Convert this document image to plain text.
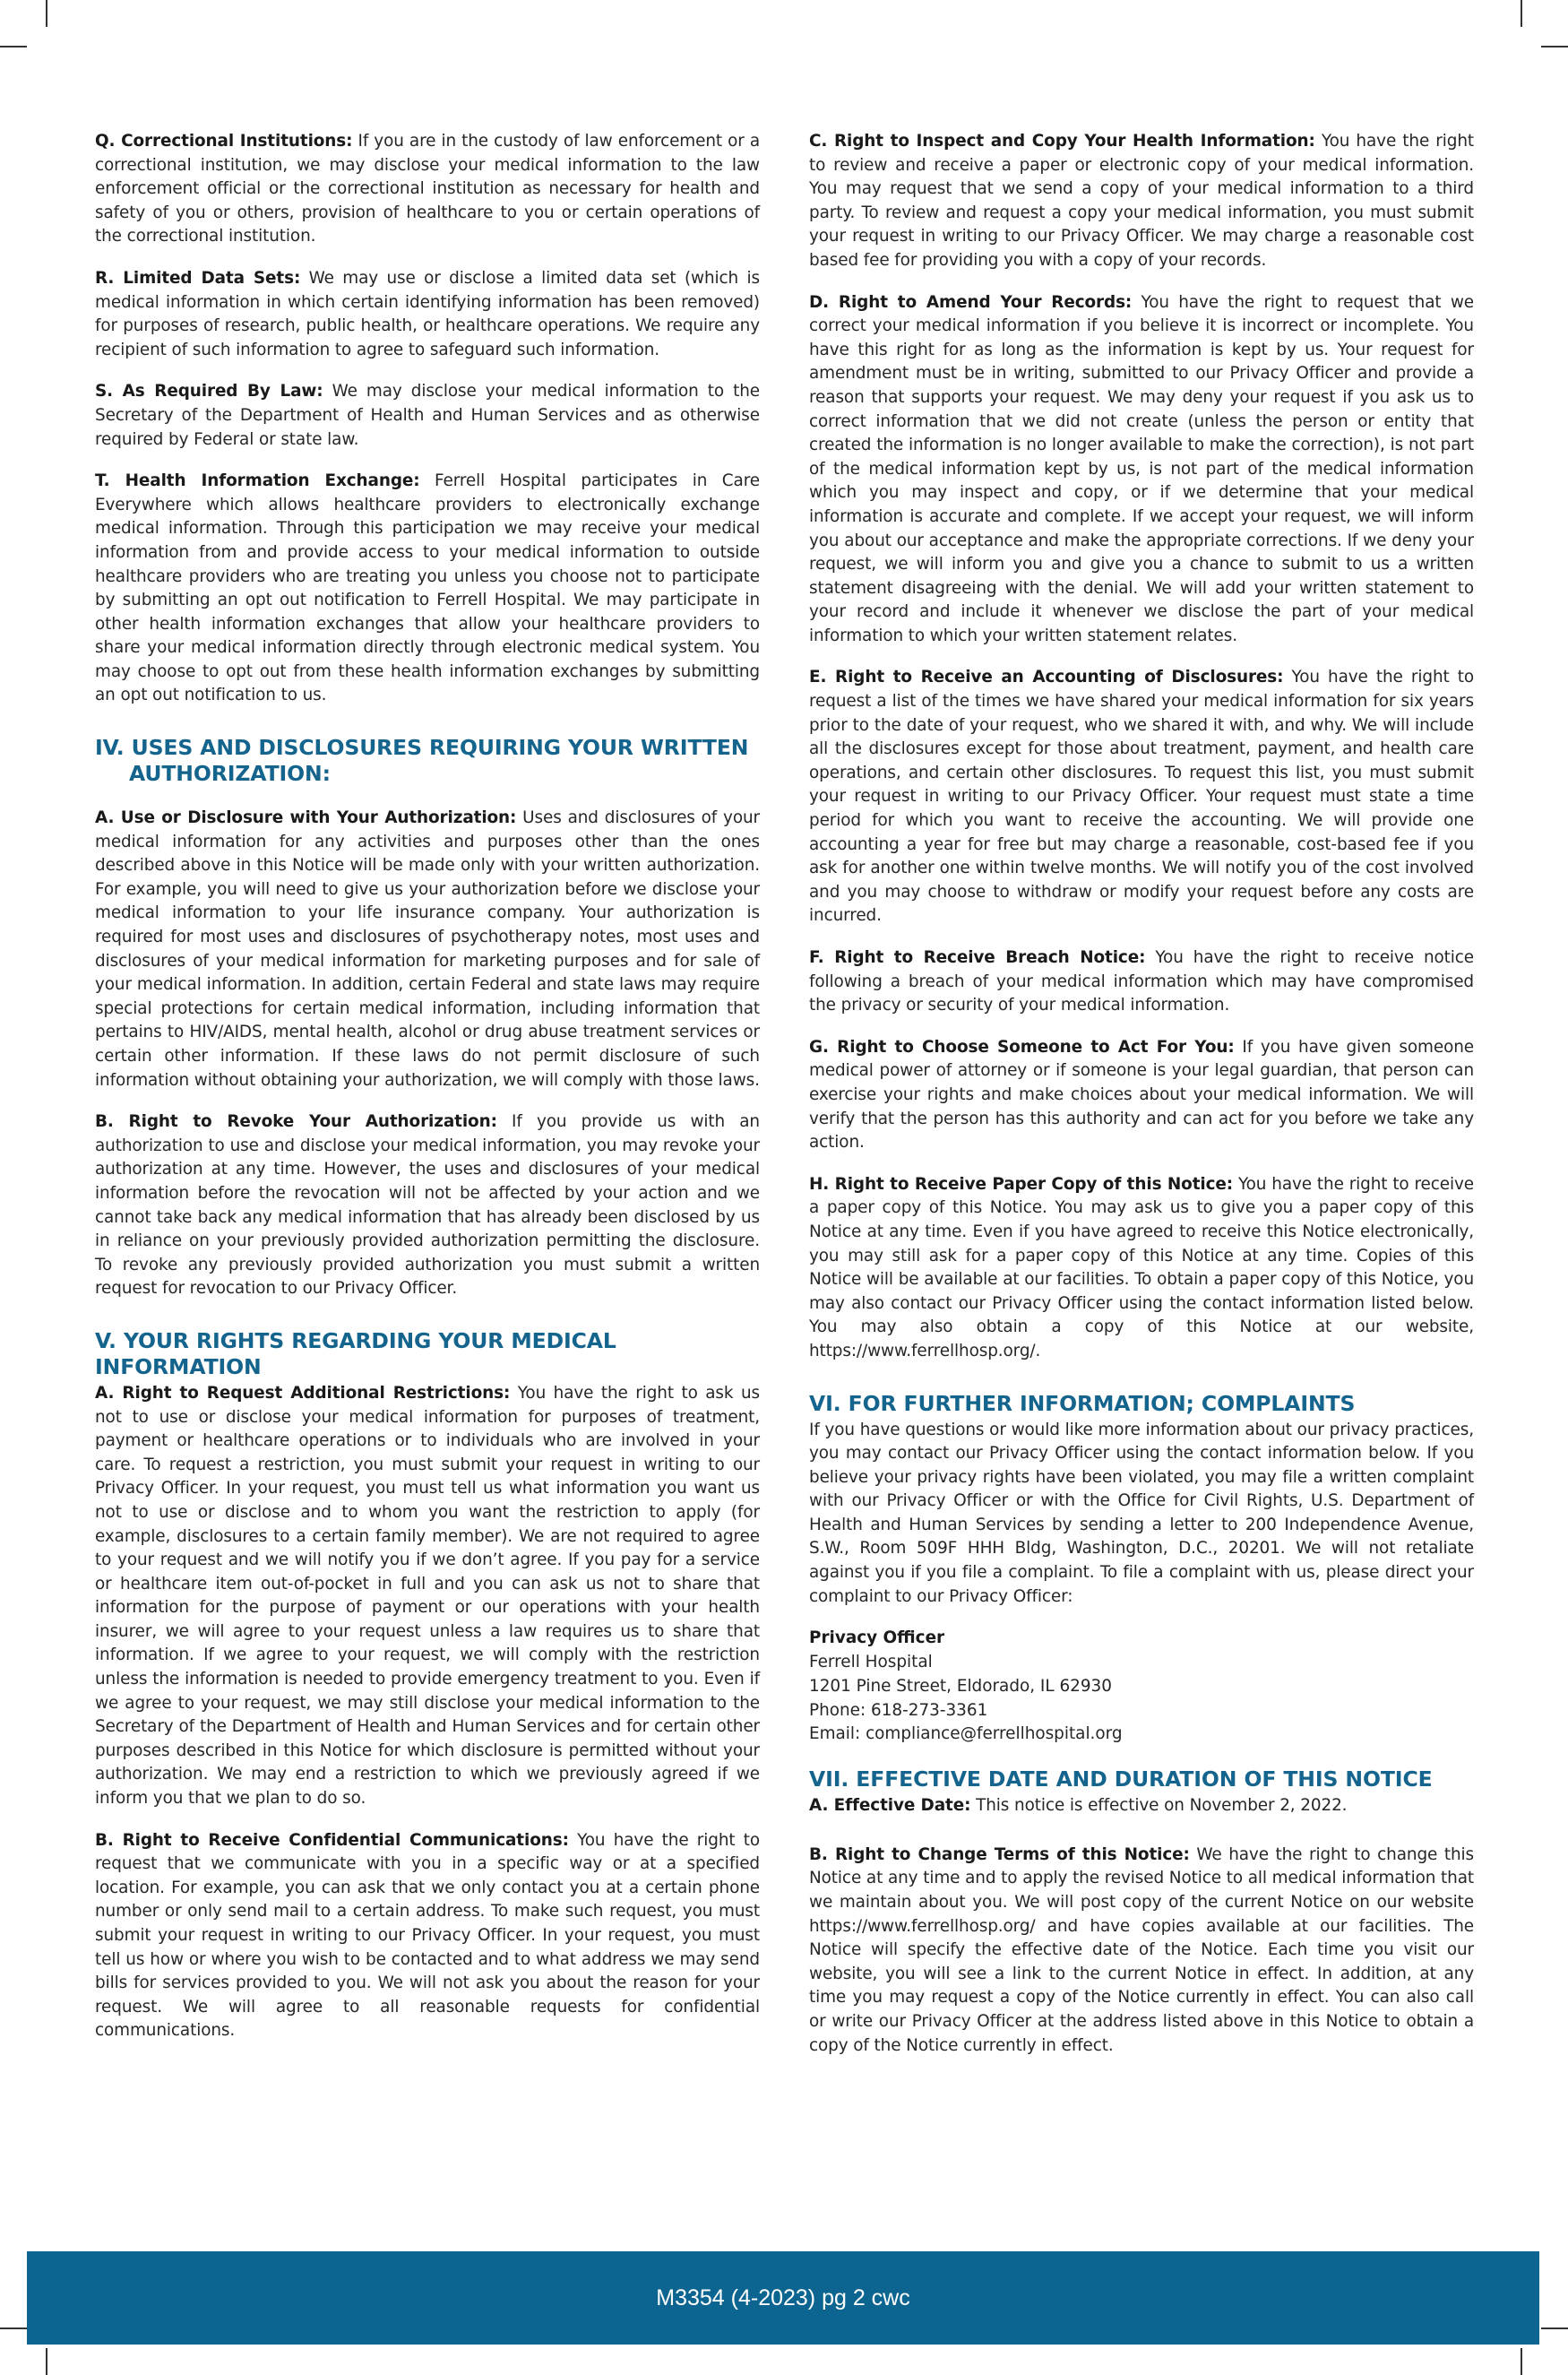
Q. Correctional Institutions: If you are in the custody of law enforcement or a correctional institution, we may disclose your medical information to the law enforcement official or the correctional institution as necessary for health and safety of you or others, provision of healthcare to you or certain operations of the correctional institution.

R. Limited Data Sets: We may use or disclose a limited data set (which is medical information in which certain identifying information has been removed) for purposes of research, public health, or healthcare operations. We require any recipient of such information to agree to safeguard such information.

S. As Required By Law: We may disclose your medical information to the Secretary of the Department of Health and Human Services and as otherwise required by Federal or state law.

T. Health Information Exchange: Ferrell Hospital participates in Care Everywhere which allows healthcare providers to electronically exchange medical information. Through this participation we may receive your medical information from and provide access to your medical information to outside healthcare providers who are treating you unless you choose not to participate by submitting an opt out notification to Ferrell Hospital. We may participate in other health information exchanges that allow your healthcare providers to share your medical information directly through electronic medical system. You may choose to opt out from these health information exchanges by submitting an opt out notification to us.

IV. USES AND DISCLOSURES REQUIRING YOUR WRITTEN
AUTHORIZATION:

A. Use or Disclosure with Your Authorization: Uses and disclosures of your medical information for any activities and purposes other than the ones described above in this Notice will be made only with your written authorization. For example, you will need to give us your authorization before we disclose your medical information to your life insurance company. Your authorization is required for most uses and disclosures of psychotherapy notes, most uses and disclosures of your medical information for marketing purposes and for sale of your medical information. In addition, certain Federal and state laws may require special protections for certain medical information, including information that pertains to HIV/AIDS, mental health, alcohol or drug abuse treatment services or certain other information. If these laws do not permit disclosure of such information without obtaining your authorization, we will comply with those laws.

B. Right to Revoke Your Authorization: If you provide us with an authorization to use and disclose your medical information, you may revoke your authorization at any time. However, the uses and disclosures of your medical information before the revocation will not be affected by your action and we cannot take back any medical information that has already been disclosed by us in reliance on your previously provided authorization permitting the disclosure. To revoke any previously provided authorization you must submit a written request for revocation to our Privacy Officer.

V. YOUR RIGHTS REGARDING YOUR MEDICAL INFORMATION

A. Right to Request Additional Restrictions: You have the right to ask us not to use or disclose your medical information for purposes of treatment, payment or healthcare operations or to individuals who are involved in your care. To request a restriction, you must submit your request in writing to our Privacy Officer. In your request, you must tell us what information you want us not to use or disclose and to whom you want the restriction to apply (for example, disclosures to a certain family member). We are not required to agree to your request and we will notify you if we don’t agree. If you pay for a service or healthcare item out-of-pocket in full and you can ask us not to share that information for the purpose of payment or our operations with your health insurer, we will agree to your request unless a law requires us to share that information. If we agree to your request, we will comply with the restriction unless the information is needed to provide emergency treatment to you. Even if we agree to your request, we may still disclose your medical information to the Secretary of the Department of Health and Human Services and for certain other purposes described in this Notice for which disclosure is permitted without your authorization. We may end a restriction to which we previously agreed if we inform you that we plan to do so.

B. Right to Receive Confidential Communications: You have the right to request that we communicate with you in a specific way or at a specified location. For example, you can ask that we only contact you at a certain phone number or only send mail to a certain address. To make such request, you must submit your request in writing to our Privacy Officer. In your request, you must tell us how or where you wish to be contacted and to what address we may send bills for services provided to you. We will not ask you about the reason for your request. We will agree to all reasonable requests for confidential communications.

C. Right to Inspect and Copy Your Health Information: You have the right to review and receive a paper or electronic copy of your medical information. You may request that we send a copy of your medical information to a third party. To review and request a copy your medical information, you must submit your request in writing to our Privacy Officer. We may charge a reasonable cost based fee for providing you with a copy of your records.

D. Right to Amend Your Records: You have the right to request that we correct your medical information if you believe it is incorrect or incomplete. You have this right for as long as the information is kept by us. Your request for amendment must be in writing, submitted to our Privacy Officer and provide a reason that supports your request. We may deny your request if you ask us to correct information that we did not create (unless the person or entity that created the information is no longer available to make the correction), is not part of the medical information kept by us, is not part of the medical information which you may inspect and copy, or if we determine that your medical information is accurate and complete. If we accept your request, we will inform you about our acceptance and make the appropriate corrections. If we deny your request, we will inform you and give you a chance to submit to us a written statement disagreeing with the denial. We will add your written statement to your record and include it whenever we disclose the part of your medical information to which your written statement relates.

E. Right to Receive an Accounting of Disclosures: You have the right to request a list of the times we have shared your medical information for six years prior to the date of your request, who we shared it with, and why. We will include all the disclosures except for those about treatment, payment, and health care operations, and certain other disclosures. To request this list, you must submit your request in writing to our Privacy Officer. Your request must state a time period for which you want to receive the accounting. We will provide one accounting a year for free but may charge a reasonable, cost-based fee if you ask for another one within twelve months. We will notify you of the cost involved and you may choose to withdraw or modify your request before any costs are incurred.

F. Right to Receive Breach Notice: You have the right to receive notice following a breach of your medical information which may have compromised the privacy or security of your medical information.

G. Right to Choose Someone to Act For You: If you have given someone medical power of attorney or if someone is your legal guardian, that person can exercise your rights and make choices about your medical information. We will verify that the person has this authority and can act for you before we take any action.

H. Right to Receive Paper Copy of this Notice: You have the right to receive a paper copy of this Notice. You may ask us to give you a paper copy of this Notice at any time. Even if you have agreed to receive this Notice electronically, you may still ask for a paper copy of this Notice at any time. Copies of this Notice will be available at our facilities. To obtain a paper copy of this Notice, you may also contact our Privacy Officer using the contact information listed below. You may also obtain a copy of this Notice at our website, https://www.ferrellhosp.org/.

VI. FOR FURTHER INFORMATION; COMPLAINTS

If you have questions or would like more information about our privacy practices, you may contact our Privacy Officer using the contact information below. If you believe your privacy rights have been violated, you may file a written complaint with our Privacy Officer or with the Office for Civil Rights, U.S. Department of Health and Human Services by sending a letter to 200 Independence Avenue, S.W., Room 509F HHH Bldg, Washington, D.C., 20201. We will not retaliate against you if you file a complaint. To file a complaint with us, please direct your complaint to our Privacy Officer:

Privacy Officer
Ferrell Hospital
1201 Pine Street, Eldorado, IL 62930
Phone: 618-273-3361
Email: compliance@ferrellhospital.org
VII. EFFECTIVE DATE AND DURATION OF THIS NOTICE

A. Effective Date: This notice is effective on November 2, 2022.

B. Right to Change Terms of this Notice: We have the right to change this Notice at any time and to apply the revised Notice to all medical information that we maintain about you. We will post copy of the current Notice on our website https://www.ferrellhosp.org/ and have copies available at our facilities. The Notice will specify the effective date of the Notice. Each time you visit our website, you will see a link to the current Notice in effect. In addition, at any time you may request a copy of the Notice currently in effect. You can also call or write our Privacy Officer at the address listed above in this Notice to obtain a copy of the Notice currently in effect.

M3354 (4-2023) pg 2 cwc
